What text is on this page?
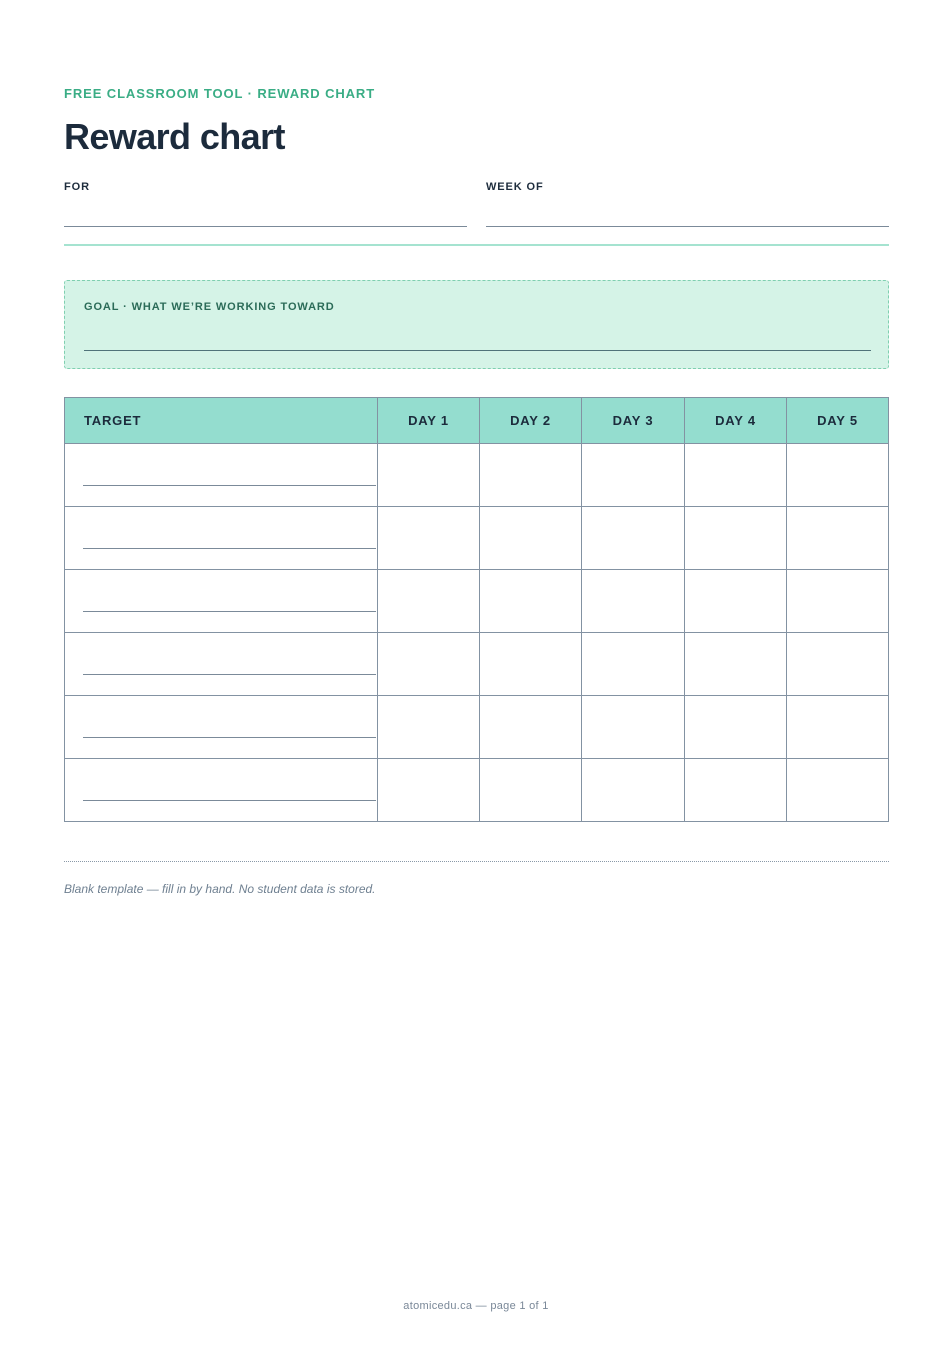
FREE CLASSROOM TOOL · REWARD CHART
Reward chart
FOR	WEEK OF
GOAL · WHAT WE’RE WORKING TOWARD
TARGET	DAY 1	DAY 2	DAY 3	DAY 4	DAY 5

Blank template — fill in by hand. No student data is stored.
atomicedu.ca — page 1 of 1
